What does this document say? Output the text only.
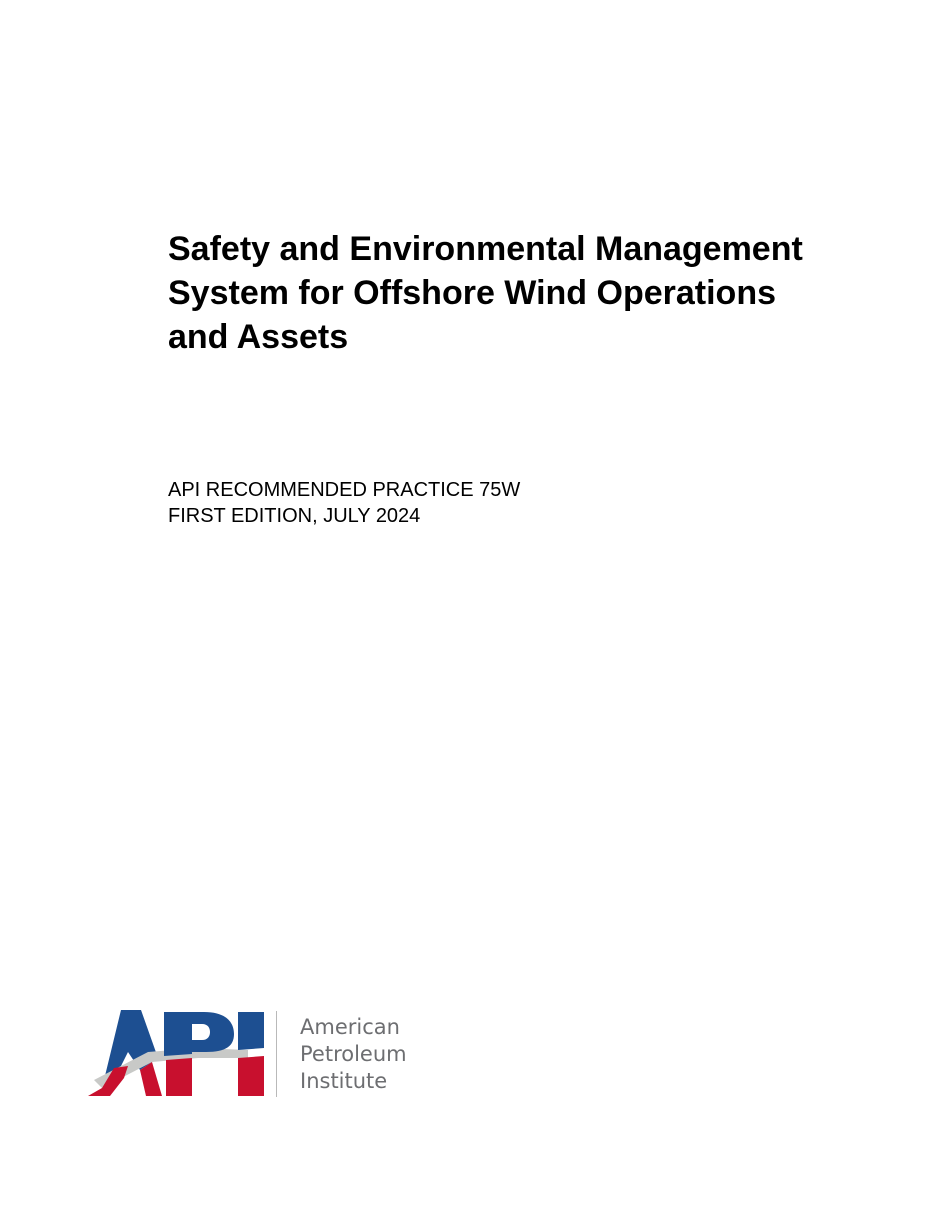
Safety and Environmental Management
System for Offshore Wind Operations
and Assets
API RECOMMENDED PRACTICE 75W
FIRST EDITION, JULY 2024
American
Petroleum
Institute
